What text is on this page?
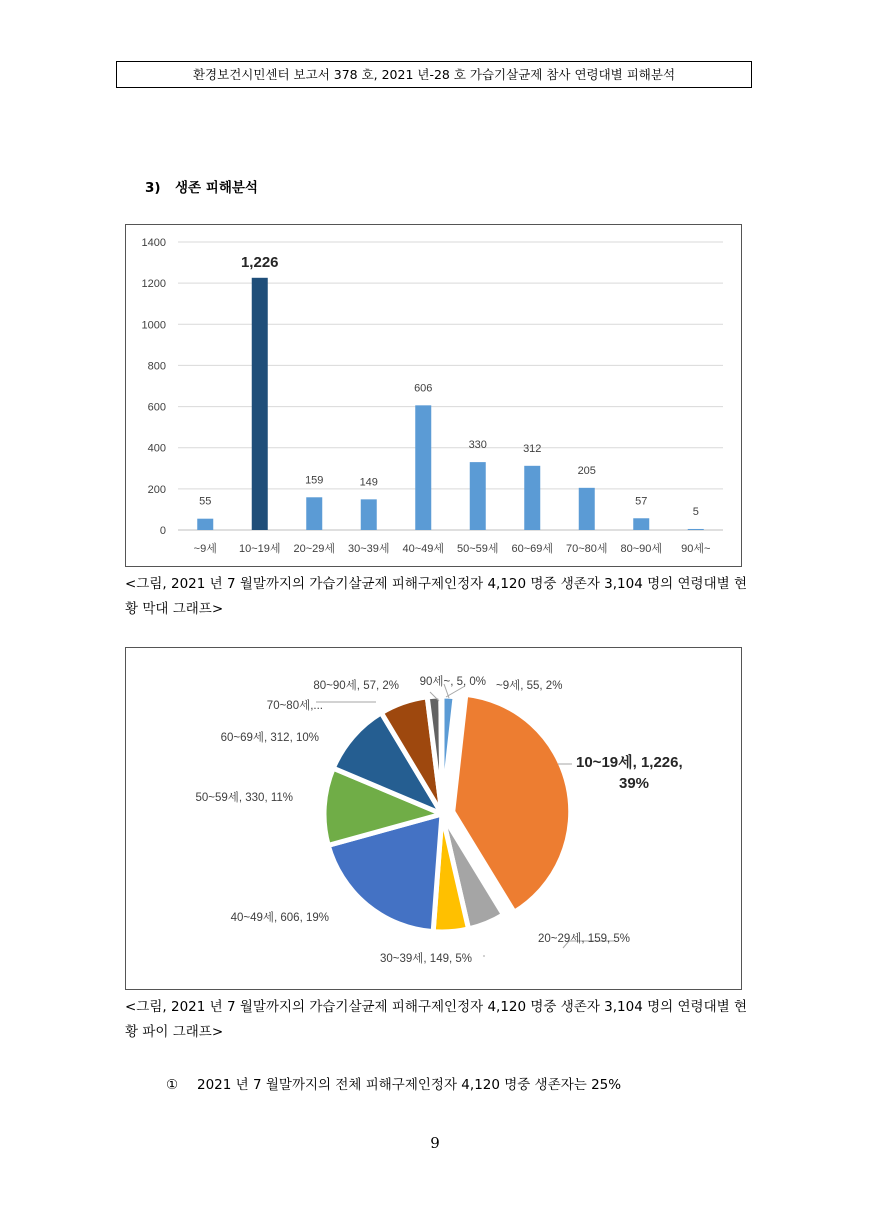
환경보건시민센터 보고서 378 호, 2021 년-28 호 가습기살균제 참사 연령대별 피해분석
3) 생존 피해분석
0
200
400
600
800
1000
1200
1400
55
~9세
1,226
10~19세
159
20~29세
149
30~39세
606
40~49세
330
50~59세
312
60~69세
205
70~80세
57
80~90세
5
90세~
<그림, 2021 년 7 월말까지의 가습기살균제 피해구제인정자 4,120 명중 생존자 3,104 명의 연령대별 현황 막대 그래프>
~9세, 55, 2%
10~19세, 1,226,
39%
20~29세, 159, 5%
30~39세, 149, 5%
40~49세, 606, 19%
50~59세, 330, 11%
60~69세, 312, 10%
70~80세,...
80~90세, 57, 2% 90세~, 5, 0%
<그림, 2021 년 7 월말까지의 가습기살균제 피해구제인정자 4,120 명중 생존자 3,104 명의 연령대별 현황 파이 그래프>
① 2021 년 7 월말까지의 전체 피해구제인정자 4,120 명중 생존자는 25%
9
